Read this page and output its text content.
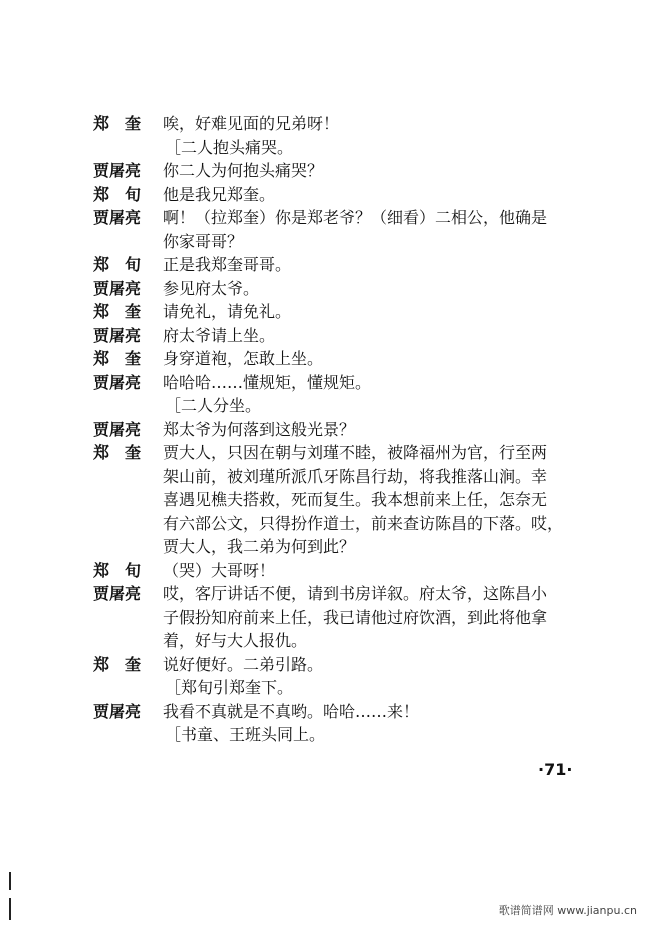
郑　奎	唉，好难见面的兄弟呀！
［二人抱头痛哭。
贾屠亮	你二人为何抱头痛哭？
郑　旬	他是我兄郑奎。
贾屠亮	啊！（拉郑奎）你是郑老爷？（细看）二相公，他确是
你家哥哥？
郑　旬	正是我郑奎哥哥。
贾屠亮	参见府太爷。
郑　奎	请免礼，请免礼。
贾屠亮	府太爷请上坐。
郑　奎	身穿道袍，怎敢上坐。
贾屠亮	哈哈哈……懂规矩，懂规矩。
［二人分坐。
贾屠亮	郑太爷为何落到这般光景？
郑　奎	贾大人，只因在朝与刘瑾不睦，被降福州为官，行至两
架山前，被刘瑾所派爪牙陈昌行劫，将我推落山涧。幸
喜遇见樵夫搭救，死而复生。我本想前来上任，怎奈无
有六部公文，只得扮作道士，前来查访陈昌的下落。哎，
贾大人，我二弟为何到此？
郑　旬	（哭）大哥呀！
贾屠亮	哎，客厅讲话不便，请到书房详叙。府太爷，这陈昌小
子假扮知府前来上任，我已请他过府饮酒，到此将他拿
着，好与大人报仇。
郑　奎	说好便好。二弟引路。
［郑旬引郑奎下。
贾屠亮	我看不真就是不真哟。哈哈……来！
［书童、王班头同上。
·71·
歌谱简谱网 www.jianpu.cn
